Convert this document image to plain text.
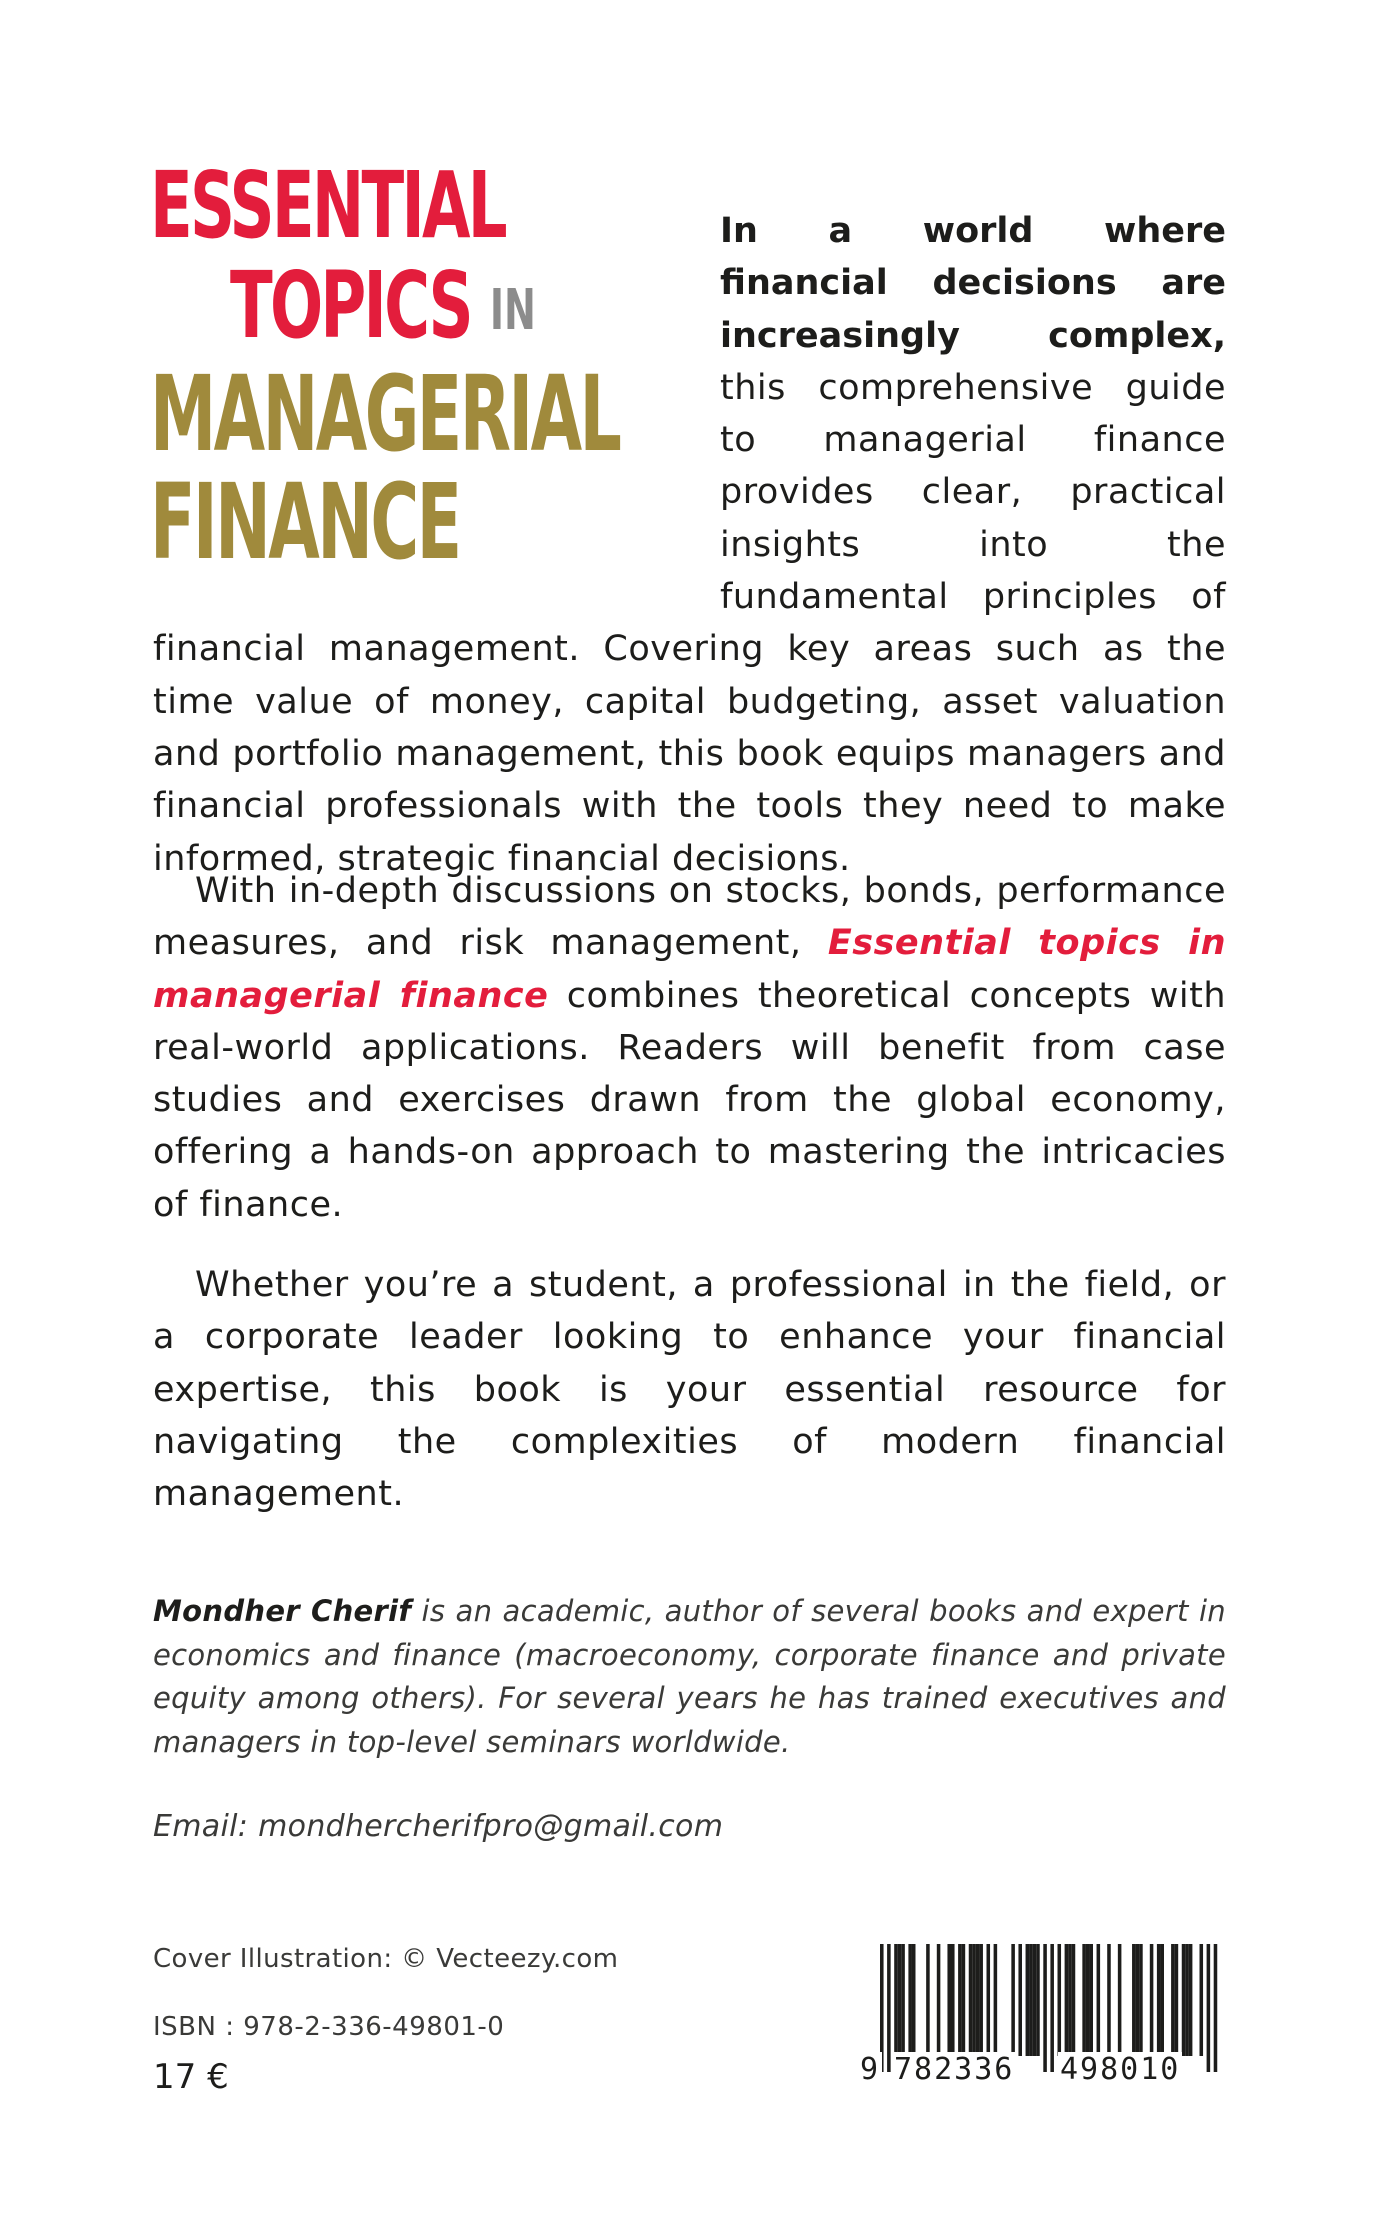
ESSENTIAL
TOPICS IN
MANAGERIAL
FINANCE
In a world where financial decisions are increasingly complex, this comprehensive guide to managerial finance provides clear, practical insights into the fundamental principles of financial management. Covering key areas such as the time value of money, capital budgeting, asset valuation and portfolio management, this book equips managers and financial professionals with the tools they need to make informed, strategic financial decisions.
With in-depth discussions on stocks, bonds, performance measures, and risk management, Essential topics in managerial finance combines theoretical concepts with real-world applications. Readers will benefit from case studies and exercises drawn from the global economy, offering a hands-on approach to mastering the intricacies of finance.
Whether you’re a student, a professional in the field, or a corporate leader looking to enhance your financial expertise, this book is your essential resource for navigating the complexities of modern financial management.
Mondher Cherif is an academic, author of several books and expert in economics and finance (macroeconomy, corporate finance and private equity among others). For several years he has trained executives and managers in top-level seminars worldwide.
Email: mondhercherifpro@gmail.com
Cover Illustration: © Vecteezy.com
ISBN : 978-2-336-49801-0
17 €	9 782336 498010
